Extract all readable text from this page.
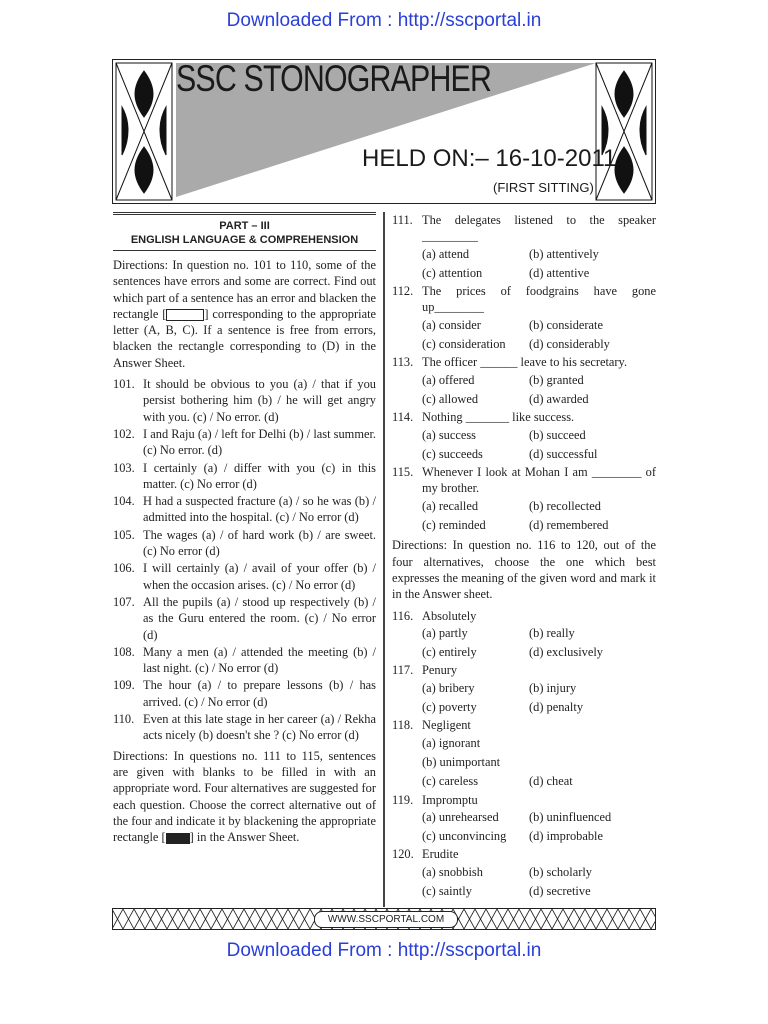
Downloaded From : http://sscportal.in
SSC STONOGRAPHER
HELD ON:– 16-10-2011
(FIRST SITTING)
PART – III
ENGLISH LANGUAGE & COMPREHENSION

Directions: In question no. 101 to 110, some of the sentences have errors and some are correct. Find out which part of a sentence has an error and blacken the rectangle [	] corresponding to the appropriate letter (A, B, C). If a sentence is free from errors, blacken the rectangle corresponding to (D) in the Answer Sheet.

101. It should be obvious to you (a) / that if you persist bothering him (b) / he will get angry with you. (c) / No error. (d)
102. I and Raju (a) / left for Delhi (b) / last summer. (c) No error. (d)
103. I certainly (a) / differ with you (c) in this matter. (c) No error (d)
104. H had a suspected fracture (a) / so he was (b) / admitted into the hospital. (c) / No error (d)
105. The wages (a) / of hard work (b) / are sweet. (c) No error (d)
106. I will certainly (a) / avail of your offer (b) / when the occasion arises. (c) / No error (d)
107. All the pupils (a) / stood up respectively (b) / as the Guru entered the room. (c) / No error (d)
108. Many a men (a) / attended the meeting (b) / last night. (c) / No error (d)
109. The hour (a) / to prepare lessons (b) / has arrived. (c) / No error (d)
110. Even at this late stage in her career (a) / Rekha acts nicely (b) doesn't she ? (c) No error (d)

Directions: In questions no. 111 to 115, sentences are given with blanks to be filled in with an appropriate word. Four alternatives are suggested for each question. Choose the correct alternative out of the four and indicate it by blackening the appropriate rectangle [ ] in the Answer Sheet.

111. The delegates listened to the speaker _________
(a) attend	(b) attentively
(c) attention	(d) attentive
112. The prices of foodgrains have gone up________
(a) consider	(b) considerate
(c) consideration	(d) considerably
113. The officer ______ leave to his secretary.
(a) offered	(b) granted
(c) allowed	(d) awarded
114. Nothing _______ like success.
(a) success	(b) succeed
(c) succeeds	(d) successful
115. Whenever I look at Mohan I am ________ of my brother.
(a) recalled	(b) recollected
(c) reminded	(d) remembered

Directions: In question no. 116 to 120, out of the four alternatives, choose the one which best expresses the meaning of the given word and mark it in the Answer sheet.

116. Absolutely
(a) partly	(b) really
(c) entirely	(d) exclusively
117. Penury
(a) bribery	(b) injury
(c) poverty	(d) penalty
118. Negligent
(a) ignorant
(b) unimportant
(c) careless	(d) cheat
119. Impromptu
(a) unrehearsed	(b) uninfluenced
(c) unconvincing	(d) improbable
120. Erudite
(a) snobbish	(b) scholarly
(c) saintly	(d) secretive
WWW.SSCPORTAL.COM
Downloaded From : http://sscportal.in
